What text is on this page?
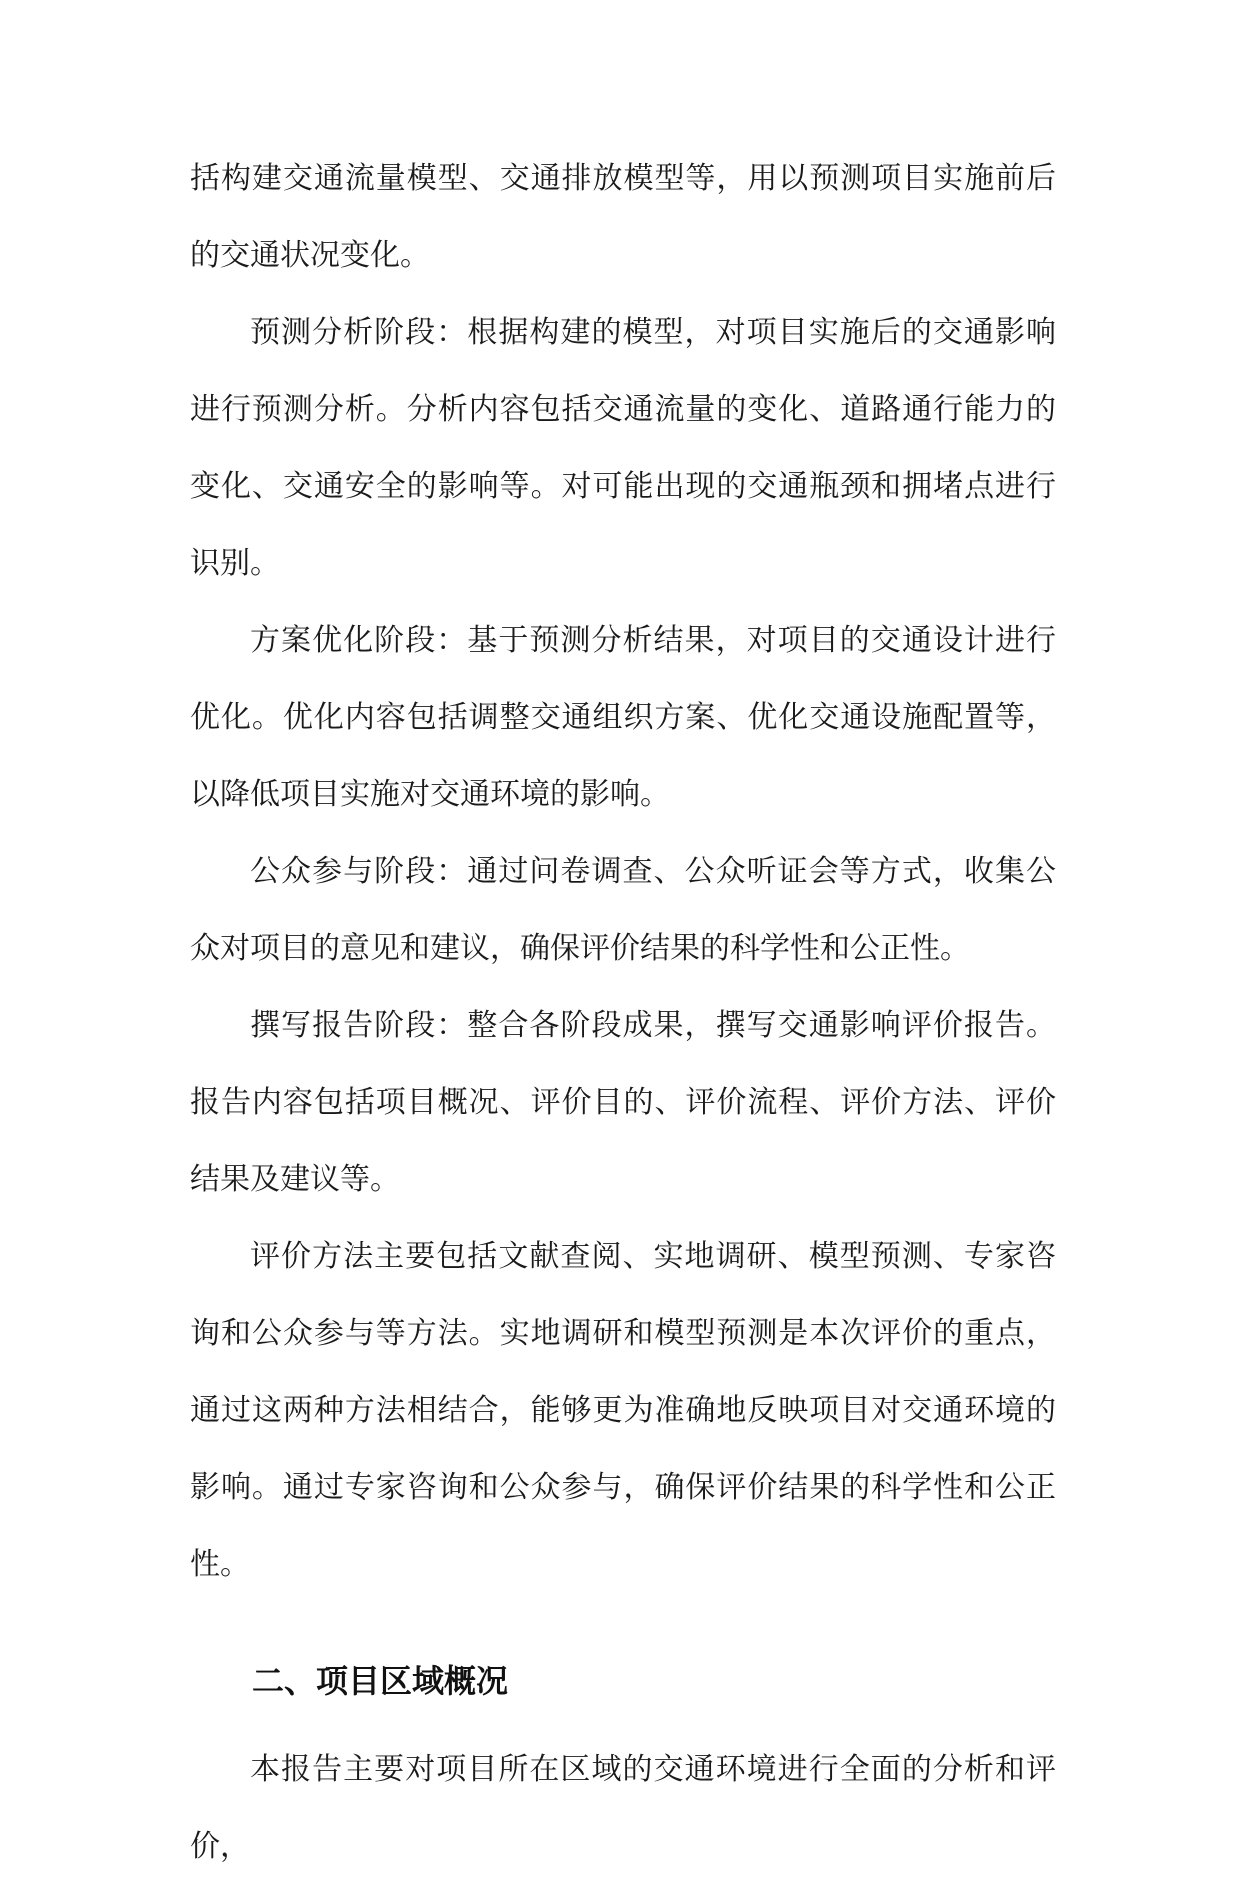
括构建交通流量模型、交通排放模型等，用以预测项目实施前后的交通状况变化。

预测分析阶段：根据构建的模型，对项目实施后的交通影响进行预测分析。分析内容包括交通流量的变化、道路通行能力的变化、交通安全的影响等。对可能出现的交通瓶颈和拥堵点进行识别。

方案优化阶段：基于预测分析结果，对项目的交通设计进行优化。优化内容包括调整交通组织方案、优化交通设施配置等，以降低项目实施对交通环境的影响。

公众参与阶段：通过问卷调查、公众听证会等方式，收集公众对项目的意见和建议，确保评价结果的科学性和公正性。

撰写报告阶段：整合各阶段成果，撰写交通影响评价报告。报告内容包括项目概况、评价目的、评价流程、评价方法、评价结果及建议等。

评价方法主要包括文献查阅、实地调研、模型预测、专家咨询和公众参与等方法。实地调研和模型预测是本次评价的重点，通过这两种方法相结合，能够更为准确地反映项目对交通环境的影响。通过专家咨询和公众参与，确保评价结果的科学性和公正性。

二、项目区域概况

本报告主要对项目所在区域的交通环境进行全面的分析和评价，
